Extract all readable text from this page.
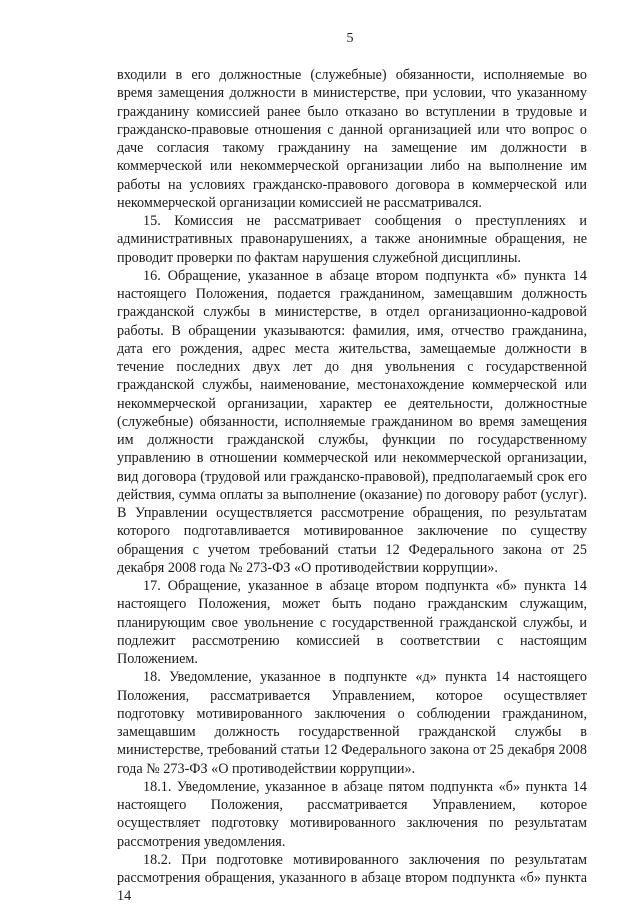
5

входили в его должностные (служебные) обязанности, исполняемые во время замещения должности в министерстве, при условии, что указанному гражданину комиссией ранее было отказано во вступлении в трудовые и гражданско-правовые отношения с данной организацией или что вопрос о даче согласия такому гражданину на замещение им должности в коммерческой или некоммерческой организации либо на выполнение им работы на условиях гражданско-правового договора в коммерческой или некоммерческой организации комиссией не рассматривался.

15. Комиссия не рассматривает сообщения о преступлениях и административных правонарушениях, а также анонимные обращения, не проводит проверки по фактам нарушения служебной дисциплины.

16. Обращение, указанное в абзаце втором подпункта «б» пункта 14 настоящего Положения, подается гражданином, замещавшим должность гражданской службы в министерстве, в отдел организационно-кадровой работы. В обращении указываются: фамилия, имя, отчество гражданина, дата его рождения, адрес места жительства, замещаемые должности в течение последних двух лет до дня увольнения с государственной гражданской службы, наименование, местонахождение коммерческой или некоммерческой организации, характер ее деятельности, должностные (служебные) обязанности, исполняемые гражданином во время замещения им должности гражданской службы, функции по государственному управлению в отношении коммерческой или некоммерческой организации, вид договора (трудовой или гражданско-правовой), предполагаемый срок его действия, сумма оплаты за выполнение (оказание) по договору работ (услуг). В Управлении осуществляется рассмотрение обращения, по результатам которого подготавливается мотивированное заключение по существу обращения с учетом требований статьи 12 Федерального закона от 25 декабря 2008 года № 273-ФЗ «О противодействии коррупции».

17. Обращение, указанное в абзаце втором подпункта «б» пункта 14 настоящего Положения, может быть подано гражданским служащим, планирующим свое увольнение с государственной гражданской службы, и подлежит рассмотрению комиссией в соответствии с настоящим Положением.

18. Уведомление, указанное в подпункте «д» пункта 14 настоящего Положения, рассматривается Управлением, которое осуществляет подготовку мотивированного заключения о соблюдении гражданином, замещавшим должность государственной гражданской службы в министерстве, требований статьи 12 Федерального закона от 25 декабря 2008 года № 273-ФЗ «О противодействии коррупции».

18.1. Уведомление, указанное в абзаце пятом подпункта «б» пункта 14 настоящего Положения, рассматривается Управлением, которое осуществляет подготовку мотивированного заключения по результатам рассмотрения уведомления.

18.2. При подготовке мотивированного заключения по результатам рассмотрения обращения, указанного в абзаце втором подпункта «б» пункта 14
